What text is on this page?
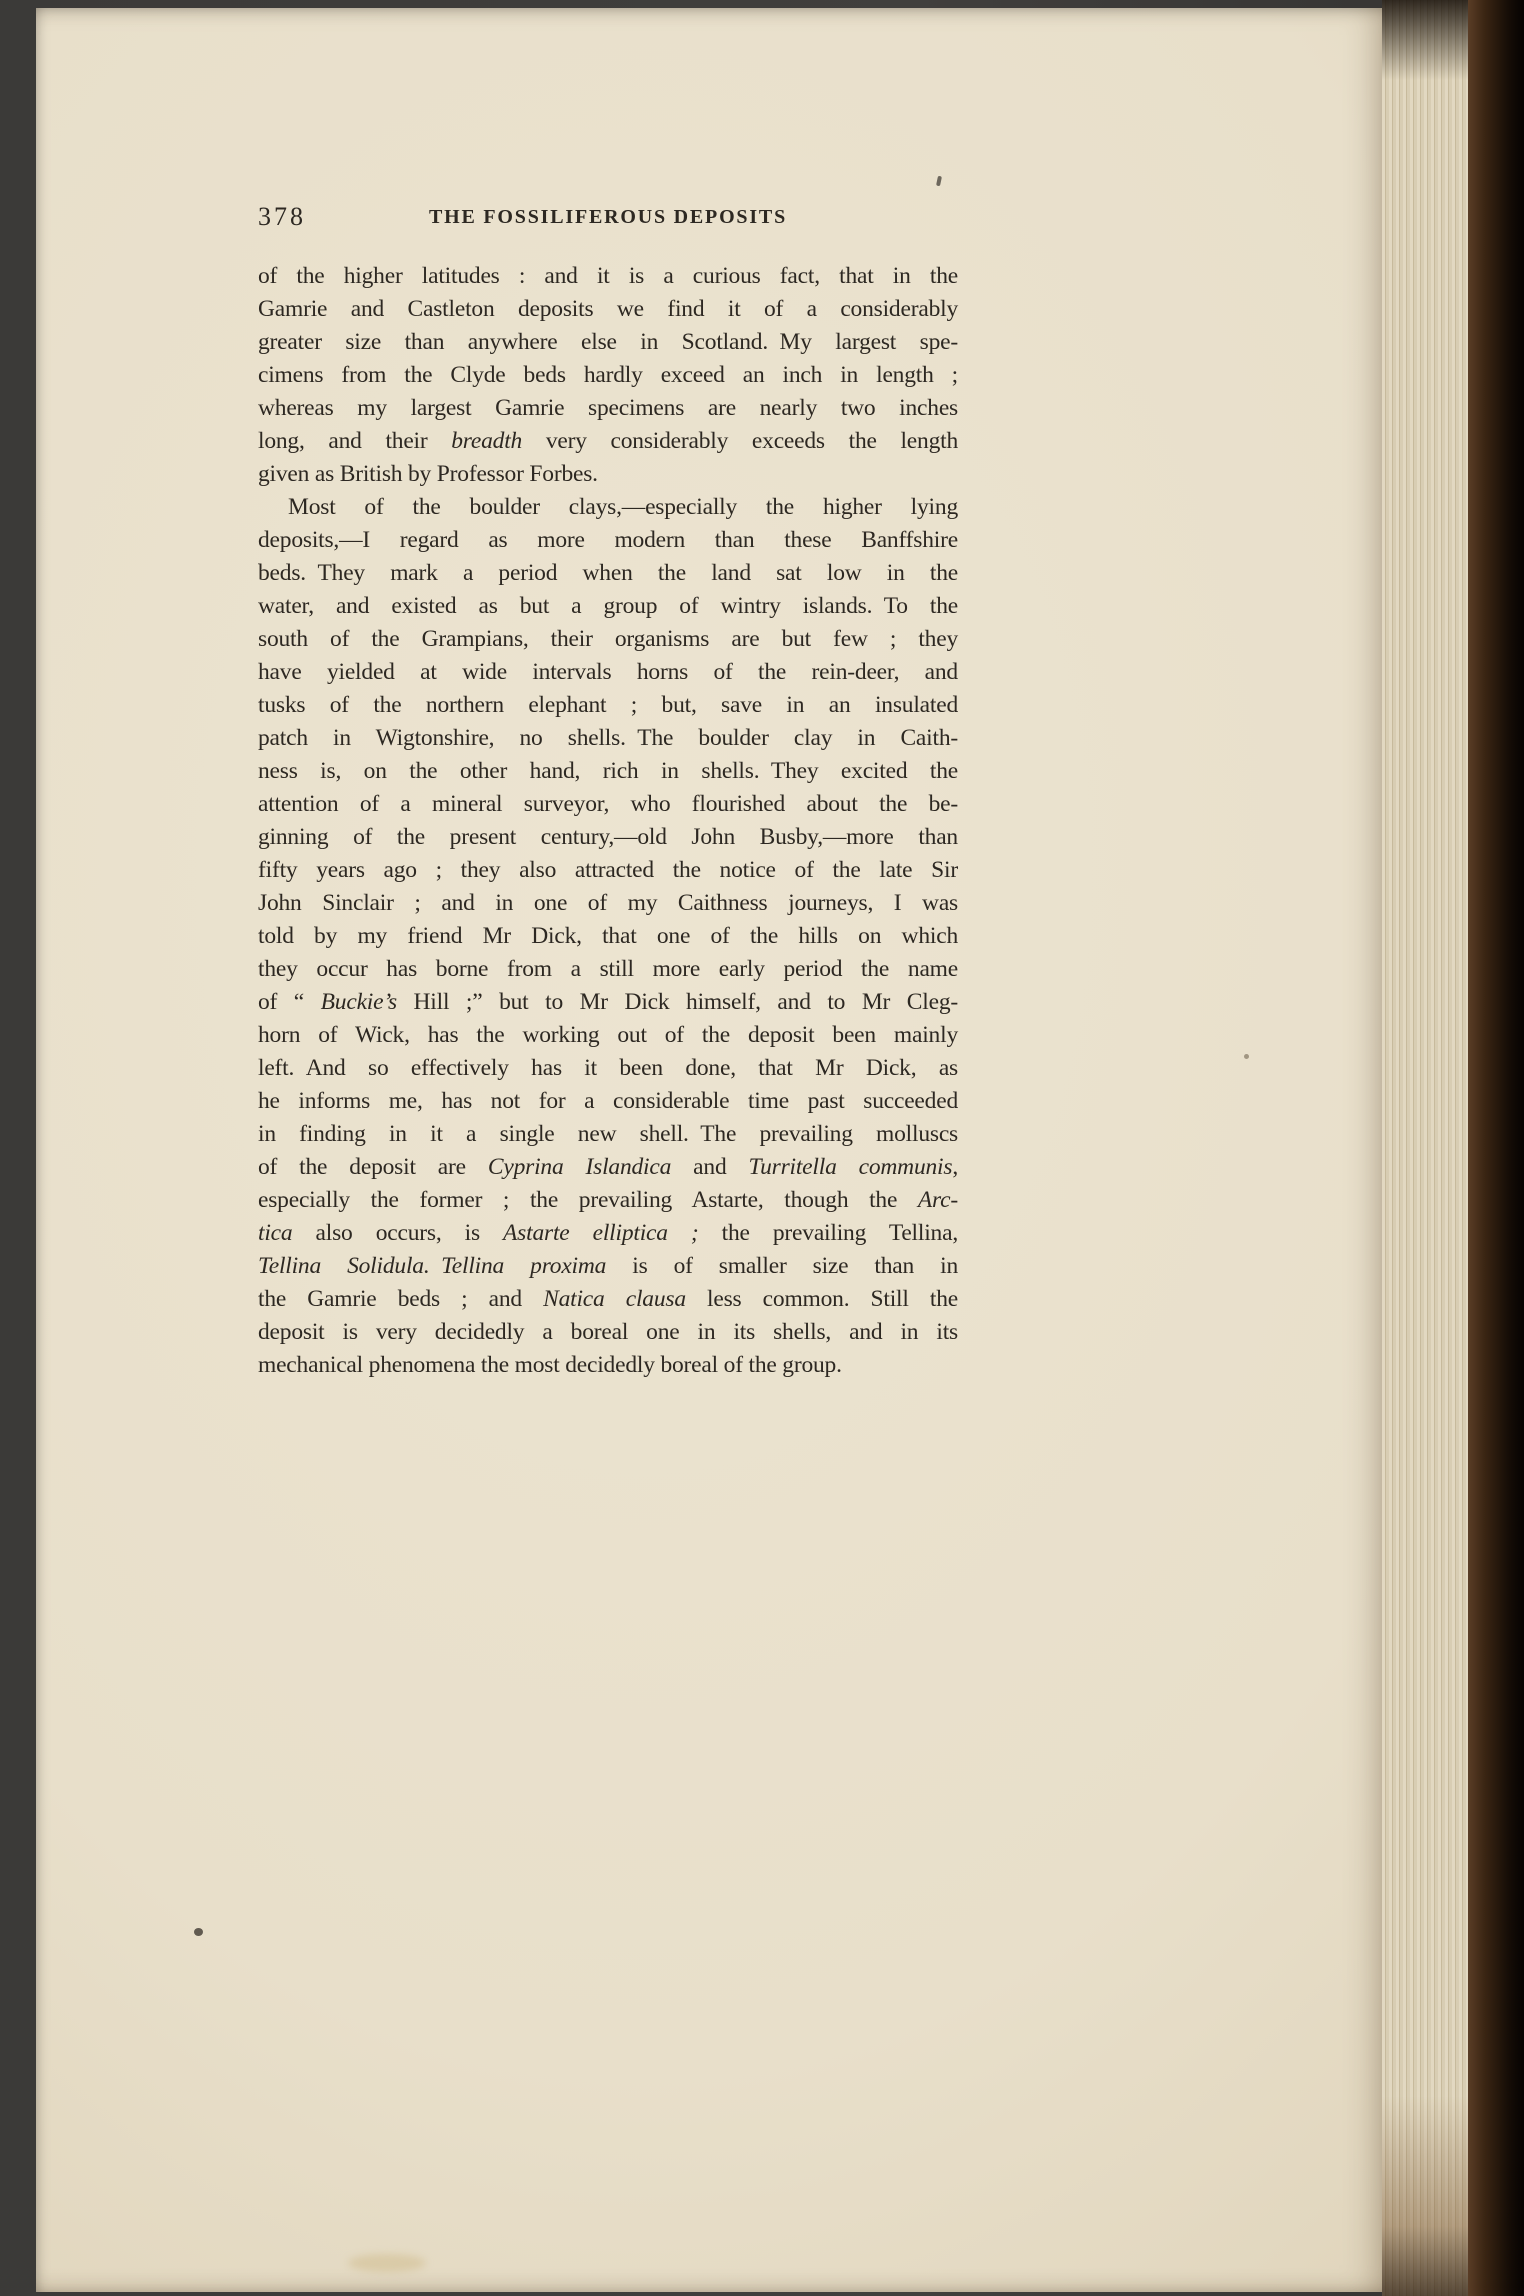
378	THE FOSSILIFEROUS DEPOSITS
of the higher latitudes : and it is a curious fact, that in the
Gamrie and Castleton deposits we find it of a considerably
greater size than anywhere else in Scotland. My largest spe-
cimens from the Clyde beds hardly exceed an inch in length ;
whereas my largest Gamrie specimens are nearly two inches
long, and their breadth very considerably exceeds the length
given as British by Professor Forbes.
Most of the boulder clays,—especially the higher lying
deposits,—I regard as more modern than these Banffshire
beds. They mark a period when the land sat low in the
water, and existed as but a group of wintry islands. To the
south of the Grampians, their organisms are but few ; they
have yielded at wide intervals horns of the rein-deer, and
tusks of the northern elephant ; but, save in an insulated
patch in Wigtonshire, no shells. The boulder clay in Caith-
ness is, on the other hand, rich in shells. They excited the
attention of a mineral surveyor, who flourished about the be-
ginning of the present century,—old John Busby,—more than
fifty years ago ; they also attracted the notice of the late Sir
John Sinclair ; and in one of my Caithness journeys, I was
told by my friend Mr Dick, that one of the hills on which
they occur has borne from a still more early period the name
of “ Buckie’s Hill ;” but to Mr Dick himself, and to Mr Cleg-
horn of Wick, has the working out of the deposit been mainly
left. And so effectively has it been done, that Mr Dick, as
he informs me, has not for a considerable time past succeeded
in finding in it a single new shell. The prevailing molluscs
of the deposit are Cyprina Islandica and Turritella communis,
especially the former ; the prevailing Astarte, though the Arc-
tica also occurs, is Astarte elliptica ; the prevailing Tellina,
Tellina Solidula.  Tellina proxima is of smaller size than in
the Gamrie beds ; and Natica clausa less common. Still the
deposit is very decidedly a boreal one in its shells, and in its
mechanical phenomena the most decidedly boreal of the group.
